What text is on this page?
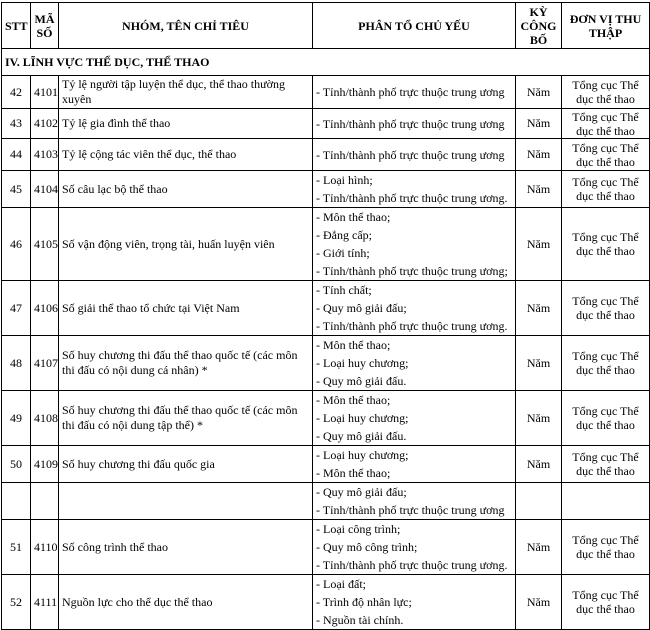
STT	MÃ SỐ	NHÓM, TÊN CHỈ TIÊU	PHÂN TỔ CHỦ YẾU	KỲ CÔNG BỐ	ĐƠN VỊ THU THẬP
IV. LĨNH VỰC THỂ DỤC, THỂ THAO					
42	4101	Tỷ lệ người tập luyện thể dục, thể thao thường xuyên	- Tỉnh/thành phố trực thuộc trung ương	Năm	Tổng cục Thể dục thể thao
43	4102	Tỷ lệ gia đình thể thao	- Tỉnh/thành phố trực thuộc trung ương	Năm	Tổng cục Thể dục thể thao
44	4103	Tỷ lệ cộng tác viên thể dục, thể thao	- Tỉnh/thành phố trực thuộc trung ương	Năm	Tổng cục Thể dục thể thao
45	4104	Số câu lạc bộ thể thao	- Loại hình;
- Tỉnh/thành phố trực thuộc trung ương.	Năm	Tổng cục Thể dục thể thao
46	4105	Số vận động viên, trọng tài, huấn luyện viên	- Môn thể thao;
- Đẳng cấp;
- Giới tính;
- Tỉnh/thành phố trực thuộc trung ương;	Năm	Tổng cục Thể dục thể thao
47	4106	Số giải thể thao tổ chức tại Việt Nam	- Tính chất;
- Quy mô giải đấu;
- Tỉnh/thành phố trực thuộc trung ương.	Năm	Tổng cục Thể dục thể thao
48	4107	Số huy chương thi đấu thể thao quốc tế (các môn thi đấu có nội dung cá nhân) *	- Môn thể thao;
- Loại huy chương;
- Quy mô giải đấu.	Năm	Tổng cục Thể dục thể thao
49	4108	Số huy chương thi đấu thể thao quốc tế (các môn thi đấu có nội dung tập thể) *	- Môn thể thao;
- Loại huy chương;
- Quy mô giải đấu.	Năm	Tổng cục Thể dục thể thao
50	4109	Số huy chương thi đấu quốc gia	- Loại huy chương;
- Môn thể thao;	Năm	Tổng cục Thể dục thể thao

			- Quy mô giải đấu;
- Tỉnh/thành phố trực thuộc trung ương		

51	4110	Số công trình thể thao	- Loại công trình;
- Quy mô công trình;
- Tỉnh/thành phố trực thuộc trung ương.	Năm	Tổng cục Thể dục thể thao
52	4111	Nguồn lực cho thể dục thể thao	- Loại đất;
- Trình độ nhân lực;
- Nguồn tài chính.	Năm	Tổng cục Thể dục thể thao
